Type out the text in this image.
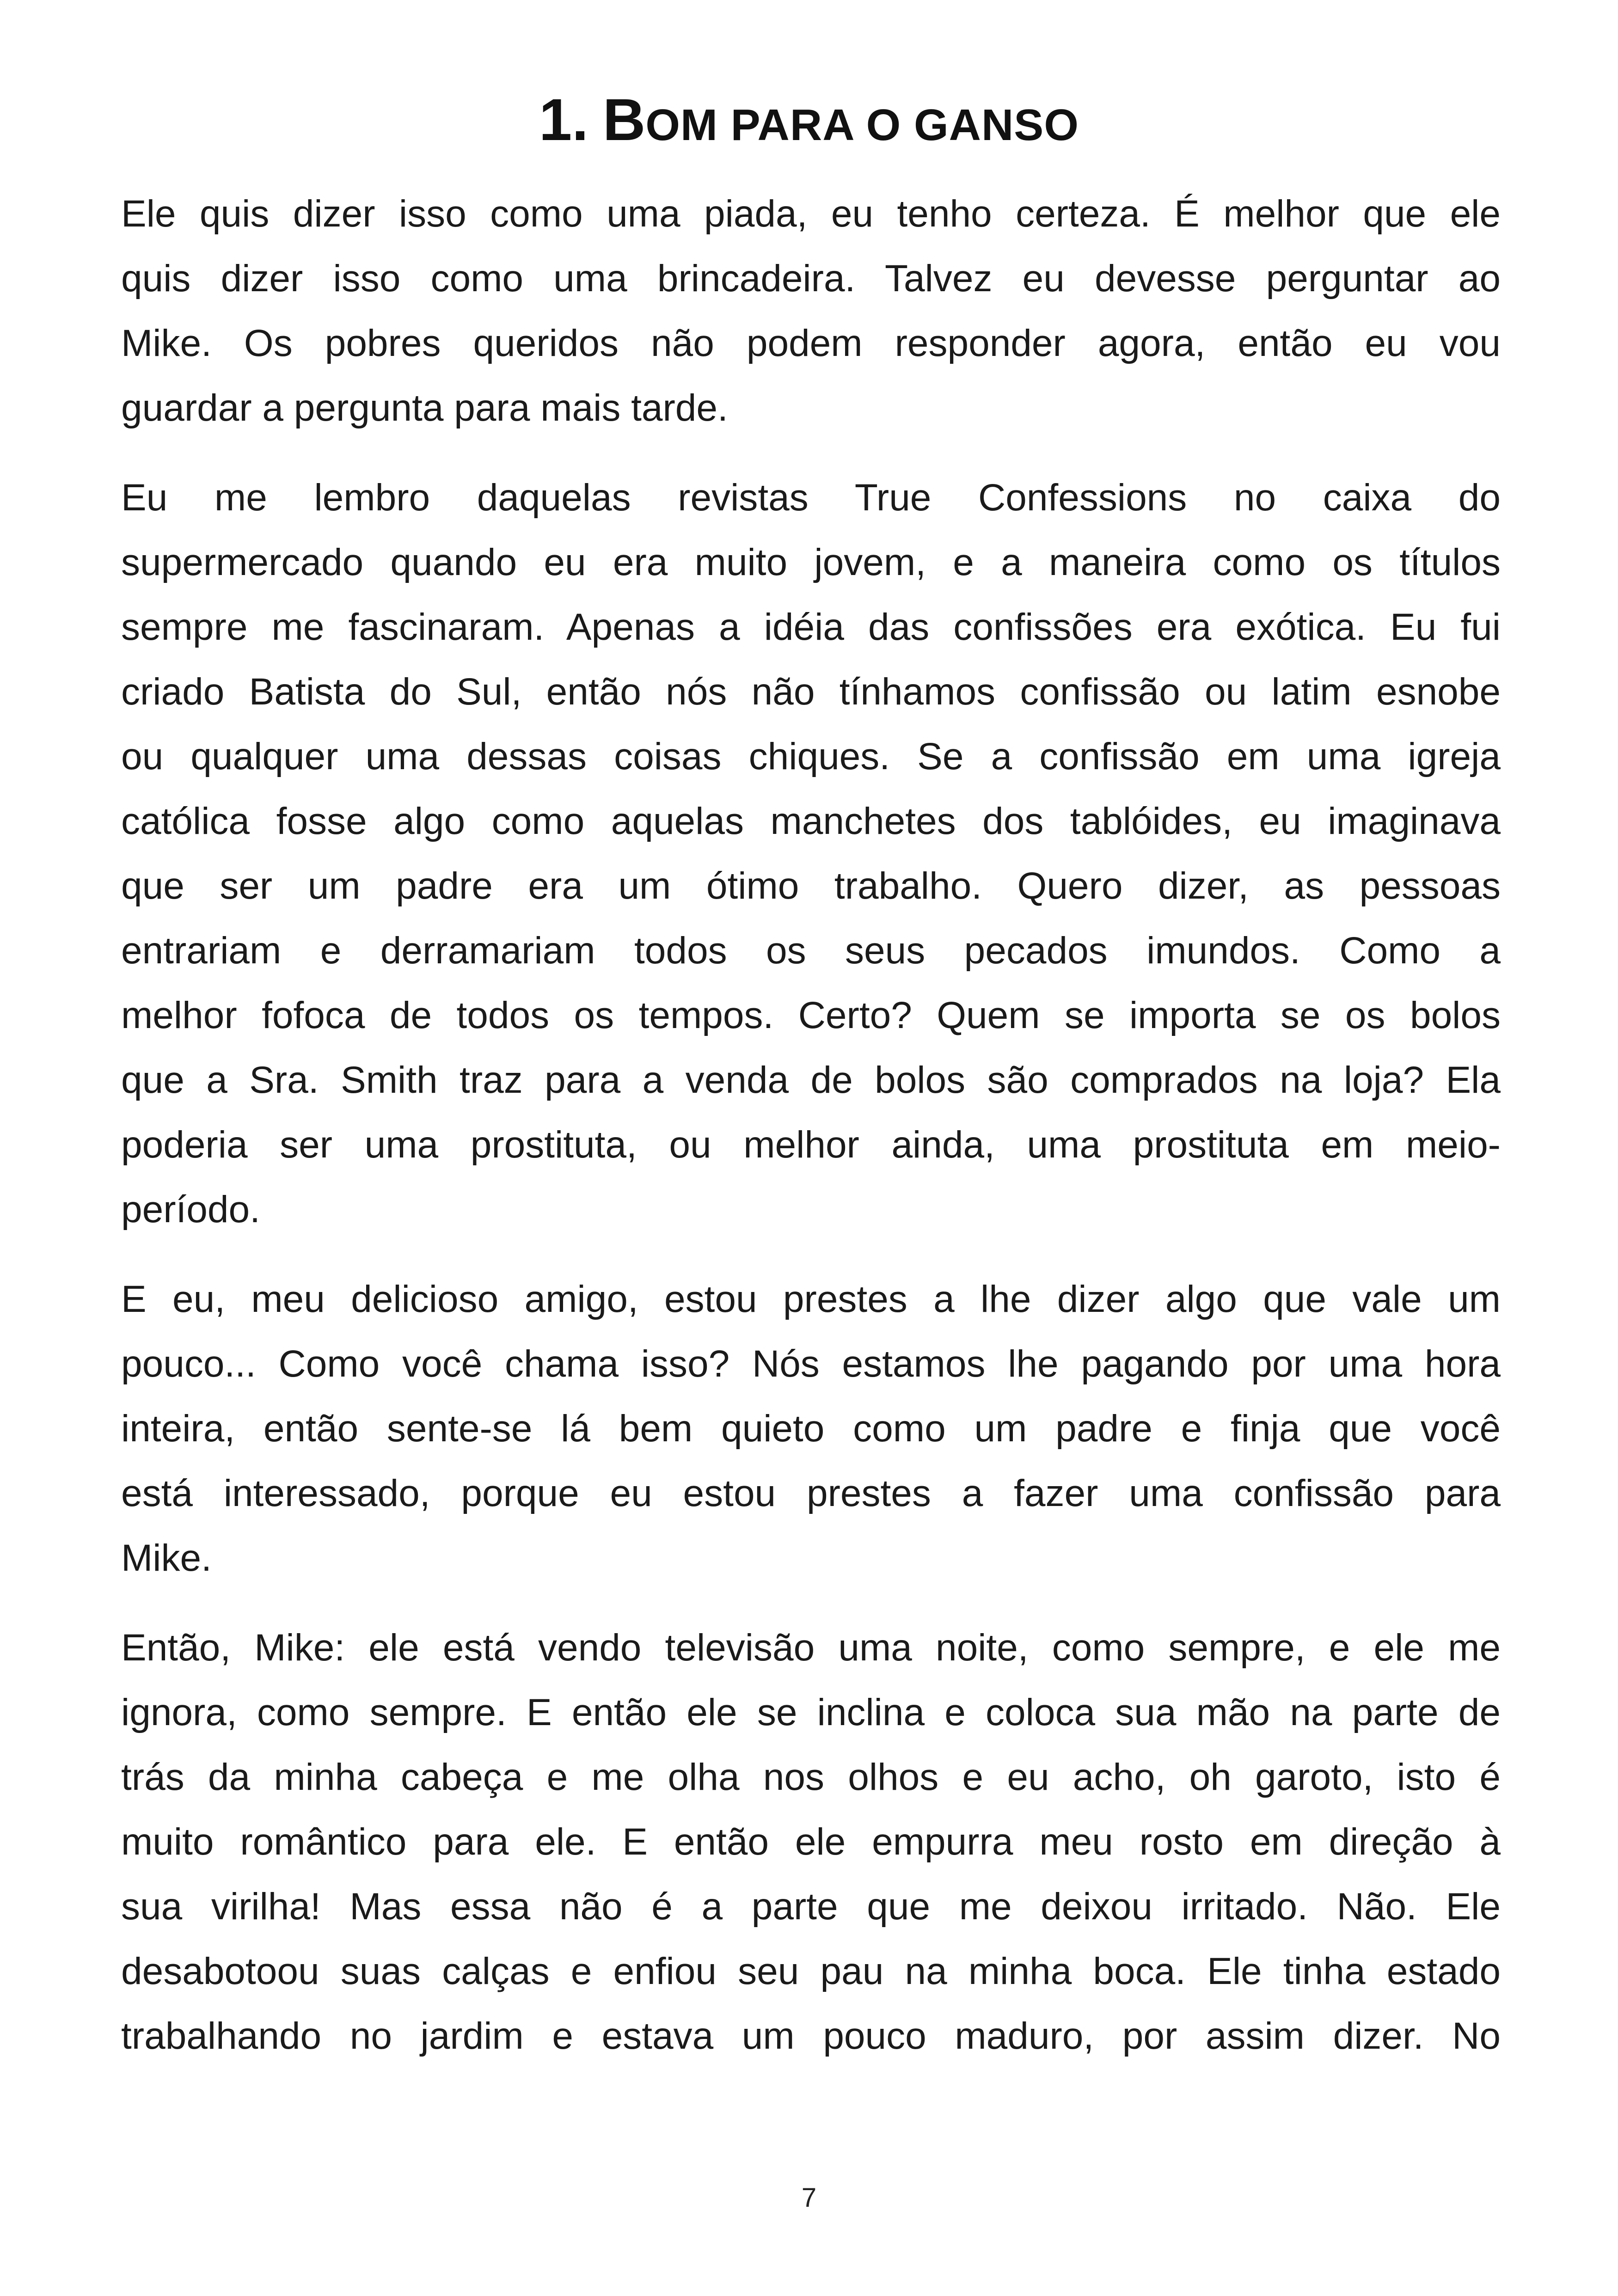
1. BOM PARA O GANSO

Ele quis dizer isso como uma piada, eu tenho certeza. É melhor que ele
quis dizer isso como uma brincadeira. Talvez eu devesse perguntar ao
Mike. Os pobres queridos não podem responder agora, então eu vou
guardar a pergunta para mais tarde.

Eu me lembro daquelas revistas True Confessions no caixa do
supermercado quando eu era muito jovem, e a maneira como os títulos
sempre me fascinaram. Apenas a idéia das confissões era exótica. Eu fui
criado Batista do Sul, então nós não tínhamos confissão ou latim esnobe
ou qualquer uma dessas coisas chiques. Se a confissão em uma igreja
católica fosse algo como aquelas manchetes dos tablóides, eu imaginava
que ser um padre era um ótimo trabalho. Quero dizer, as pessoas
entrariam e derramariam todos os seus pecados imundos. Como a
melhor fofoca de todos os tempos. Certo? Quem se importa se os bolos
que a Sra. Smith traz para a venda de bolos são comprados na loja? Ela
poderia ser uma prostituta, ou melhor ainda, uma prostituta em meio-
período.

E eu, meu delicioso amigo, estou prestes a lhe dizer algo que vale um
pouco... Como você chama isso? Nós estamos lhe pagando por uma hora
inteira, então sente-se lá bem quieto como um padre e finja que você
está interessado, porque eu estou prestes a fazer uma confissão para
Mike.

Então, Mike: ele está vendo televisão uma noite, como sempre, e ele me
ignora, como sempre. E então ele se inclina e coloca sua mão na parte de
trás da minha cabeça e me olha nos olhos e eu acho, oh garoto, isto é
muito romântico para ele. E então ele empurra meu rosto em direção à
sua virilha! Mas essa não é a parte que me deixou irritado. Não. Ele
desabotoou suas calças e enfiou seu pau na minha boca. Ele tinha estado
trabalhando no jardim e estava um pouco maduro, por assim dizer. No

7
